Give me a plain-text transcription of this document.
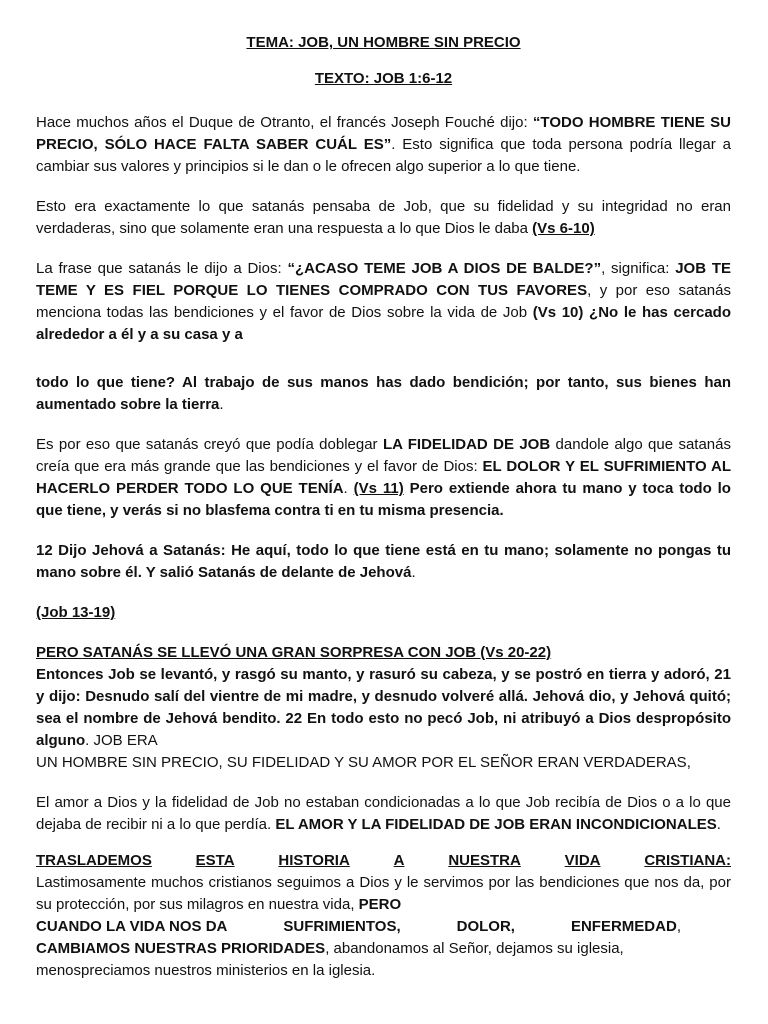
TEMA: JOB, UN HOMBRE SIN PRECIO
TEXTO: JOB 1:6-12

Hace muchos años el Duque de Otranto, el francés Joseph Fouché dijo: “TODO HOMBRE TIENE SU PRECIO, SÓLO HACE FALTA SABER CUÁL ES”. Esto significa que toda persona podría llegar a cambiar sus valores y principios si le dan o le ofrecen algo superior a lo que tiene.

Esto era exactamente lo que satanás pensaba de Job, que su fidelidad y su integridad no eran verdaderas, sino que solamente eran una respuesta a lo que Dios le daba (Vs 6-10)

La frase que satanás le dijo a Dios: “¿ACASO TEME JOB A DIOS DE BALDE?”, significa: JOB TE TEME Y ES FIEL PORQUE LO TIENES COMPRADO CON TUS FAVORES, y por eso satanás menciona todas las bendiciones y el favor de Dios sobre la vida de Job (Vs 10) ¿No le has cercado alrededor a él y a su casa y a

todo lo que tiene? Al trabajo de sus manos has dado bendición; por tanto, sus bienes han aumentado sobre la tierra.

Es por eso que satanás creyó que podía doblegar LA FIDELIDAD DE JOB dandole algo que satanás creía que era más grande que las bendiciones y el favor de Dios: EL DOLOR Y EL SUFRIMIENTO AL HACERLO PERDER TODO LO QUE TENÍA. (Vs 11) Pero extiende ahora tu mano y toca todo lo que tiene, y verás si no blasfema contra ti en tu misma presencia.

12 Dijo Jehová a Satanás: He aquí, todo lo que tiene está en tu mano; solamente no pongas tu mano sobre él. Y salió Satanás de delante de Jehová.

(Job 13-19)

PERO SATANÁS SE LLEVÓ UNA GRAN SORPRESA CON JOB (Vs 20-22)

Entonces Job se levantó, y rasgó su manto, y rasuró su cabeza, y se postró en tierra y adoró, 21 y dijo: Desnudo salí del vientre de mi madre, y desnudo volveré allá. Jehová dio, y Jehová quitó; sea el nombre de Jehová bendito. 22 En todo esto no pecó Job, ni atribuyó a Dios despropósito alguno. JOB ERA

UN HOMBRE SIN PRECIO, SU FIDELIDAD Y SU AMOR POR EL SEÑOR ERAN VERDADERAS,

El amor a Dios y la fidelidad de Job no estaban condicionadas a lo que Job recibía de Dios o a lo que dejaba de recibir ni a lo que perdía. EL AMOR Y LA FIDELIDAD DE JOB ERAN INCONDICIONALES.

TRASLADEMOS	ESTA	HISTORIA	A	NUESTRA	VIDA	CRISTIANA:

Lastimosamente muchos cristianos seguimos a Dios y le servimos por las bendiciones que nos da, por su protección, por sus milagros en nuestra vida, PERO

CUANDO LA VIDA NOS DA	SUFRIMIENTOS,	DOLOR,	ENFERMEDAD,

CAMBIAMOS NUESTRAS PRIORIDADES, abandonamos al Señor, dejamos su iglesia,

menospreciamos nuestros ministerios en la iglesia.
